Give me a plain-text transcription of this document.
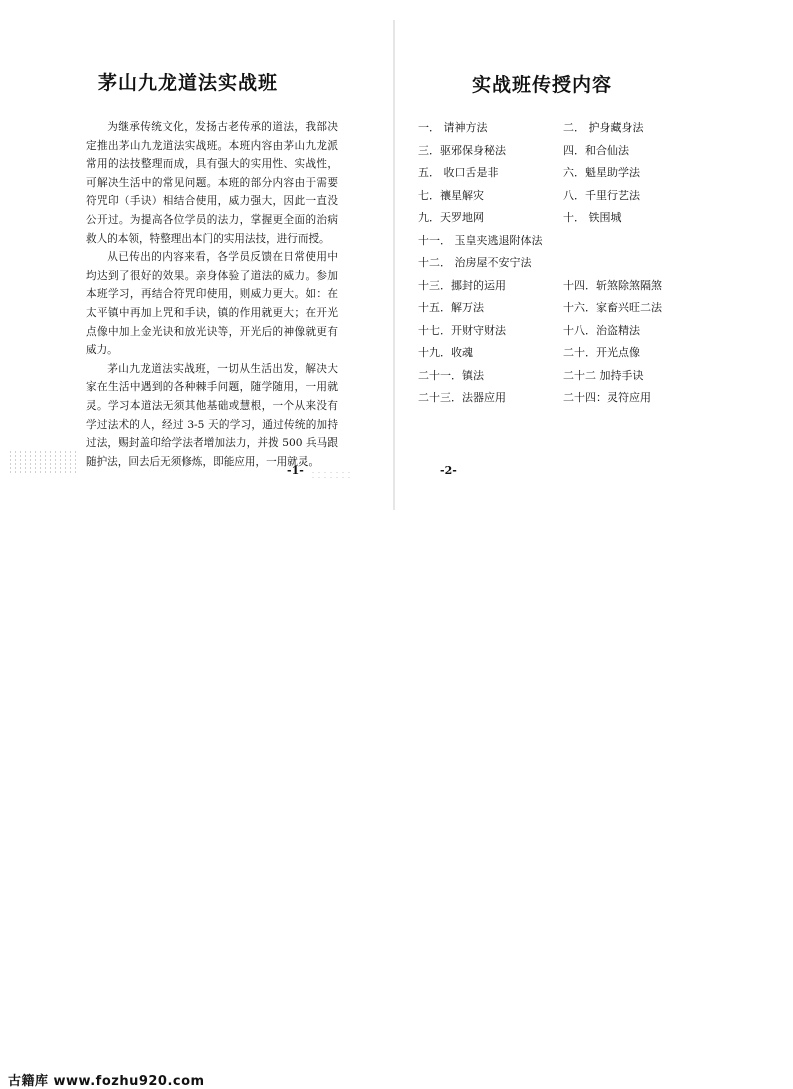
茅山九龙道法实战班

为继承传统文化，发扬古老传承的道法，我部决定推出茅山九龙道法实战班。本班内容由茅山九龙派常用的法技整理而成，具有强大的实用性、实战性，可解决生活中的常见问题。本班的部分内容由于需要符咒印（手诀）相结合使用，威力强大，因此一直没公开过。为提高各位学员的法力，掌握更全面的治病救人的本领，特整理出本门的实用法技，进行而授。

从已传出的内容来看，各学员反馈在日常使用中均达到了很好的效果。亲身体验了道法的威力。参加本班学习，再结合符咒印使用，则威力更大。如：在太平镇中再加上咒和手诀，镇的作用就更大；在开光点像中加上金光诀和放光诀等，开光后的神像就更有威力。

茅山九龙道法实战班，一切从生活出发，解决大家在生活中遇到的各种棘手问题，随学随用，一用就灵。学习本道法无须其他基础或慧根，一个从来没有学过法术的人，经过 3-5 天的学习，通过传统的加持过法，赐封盖印给学法者增加法力，并拨 500 兵马跟随护法，回去后无须修炼，即能应用，一用就灵。

-1-
实战班传授内容
一． 请神方法	二． 护身藏身法
三．驱邪保身秘法	四．和合仙法
五． 收口舌是非	六．魁星助学法
七．禳星解灾	八．千里行艺法
九．天罗地网	十． 铁围城
十一． 玉皇夹逃退附体法
十二． 治房屋不安宁法
十三．挪封的运用	十四．斩煞除煞隔煞
十五．解万法	十六．家畜兴旺二法
十七．开财守财法	十八．治盗精法
十九．收魂	二十．开光点像
二十一．镇法	二十二 加持手诀
二十三．法器应用	二十四：灵符应用
-2-
古籍库 www.fozhu920.com
